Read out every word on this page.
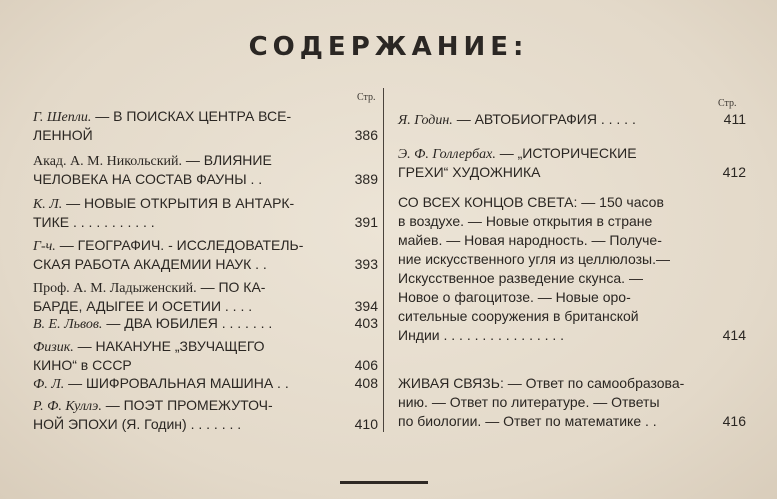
СОДЕРЖАНИЕ:
Стр.
Стр.
Г. Шепли. — В ПОИСКАХ ЦЕНТРА ВСЕ-
ЛЕННОЙ	386
Акад. А. М. Никольский. — ВЛИЯНИЕ
ЧЕЛОВЕКА НА СОСТАВ ФАУНЫ . .	389
К. Л. — НОВЫЕ ОТКРЫТИЯ В АНТАРК-
ТИКЕ . . . . . . . . . . .	391
Г-ч. — ГЕОГРАФИЧ. - ИССЛЕДОВАТЕЛЬ-
СКАЯ РАБОТА АКАДЕМИИ НАУК . .	393
Проф. А. М. Ладыженский. — ПО КА-
БАРДЕ, АДЫГЕЕ И ОСЕТИИ . . . .	394
В. Е. Львов. — ДВА ЮБИЛЕЯ . . . . . . .	403
Физик. — НАКАНУНЕ „ЗВУЧАЩЕГО
КИНО“ в СССР	406
Ф. Л. — ШИФРОВАЛЬНАЯ МАШИНА . .	408
Р. Ф. Куллэ. — ПОЭТ ПРОМЕЖУТОЧ-
НОЙ ЭПОХИ (Я. Годин) . . . . . . .	410
Я. Годин. — АВТОБИОГРАФИЯ . . . . .	411
Э. Ф. Голлербах. — „ИСТОРИЧЕСКИЕ
ГРЕХИ“ ХУДОЖНИКА	412
СО ВСЕХ КОНЦОВ СВЕТА: — 150 часов
в воздухе. — Новые открытия в стране
майев. — Новая народность. — Получе-
ние искусственного угля из целлюлозы.—
Искусственное разведение скунса. —
Новое о фагоцитозе. — Новые оро-
сительные сооружения в британской
Индии . . . . . . . . . . . . . . . .	414
ЖИВАЯ СВЯЗЬ: — Ответ по самообразова-
нию. — Ответ по литературе. — Ответы
по биологии. — Ответ по математике . .	416
